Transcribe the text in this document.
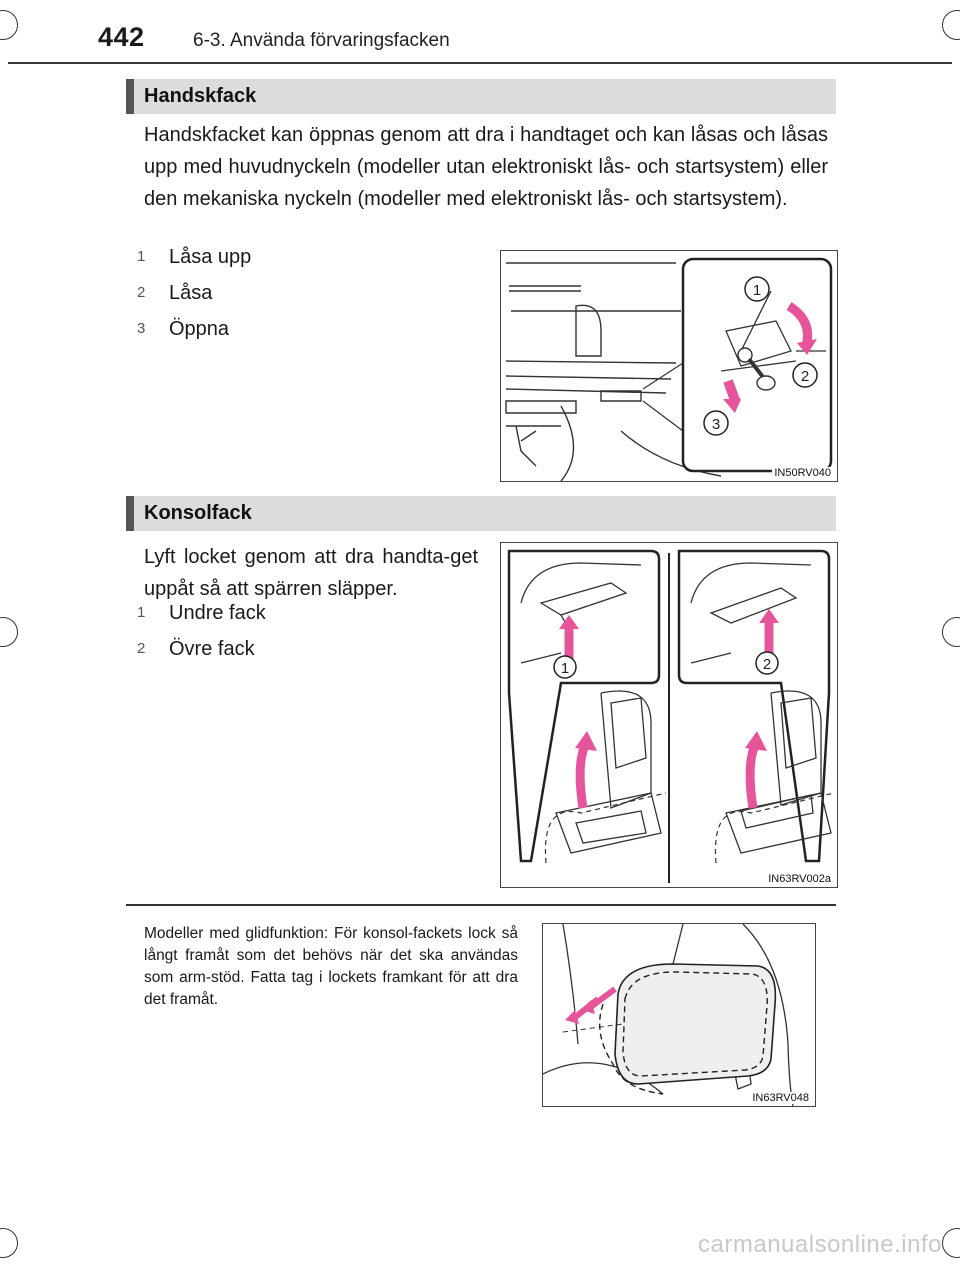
442	6-3. Använda förvaringsfacken
Handskfack
Handskfacket kan öppnas genom att dra i handtaget och kan låsas och låsas upp med huvudnyckeln (modeller utan elektroniskt lås- och startsystem) eller den mekaniska nyckeln (modeller med elektroniskt lås- och startsystem).
1 Låsa upp
2 Låsa
3 Öppna
1
2
3
IN50RV040
Konsolfack
Lyft locket genom att dra handta-get uppåt så att spärren släpper.
1 Undre fack
2 Övre fack
1	2
IN63RV002a
Modeller med glidfunktion: För konsol-fackets lock så långt framåt som det behövs när det ska användas som arm-stöd. Fatta tag i lockets framkant för att dra det framåt.
IN63RV048
carmanualsonline.info
